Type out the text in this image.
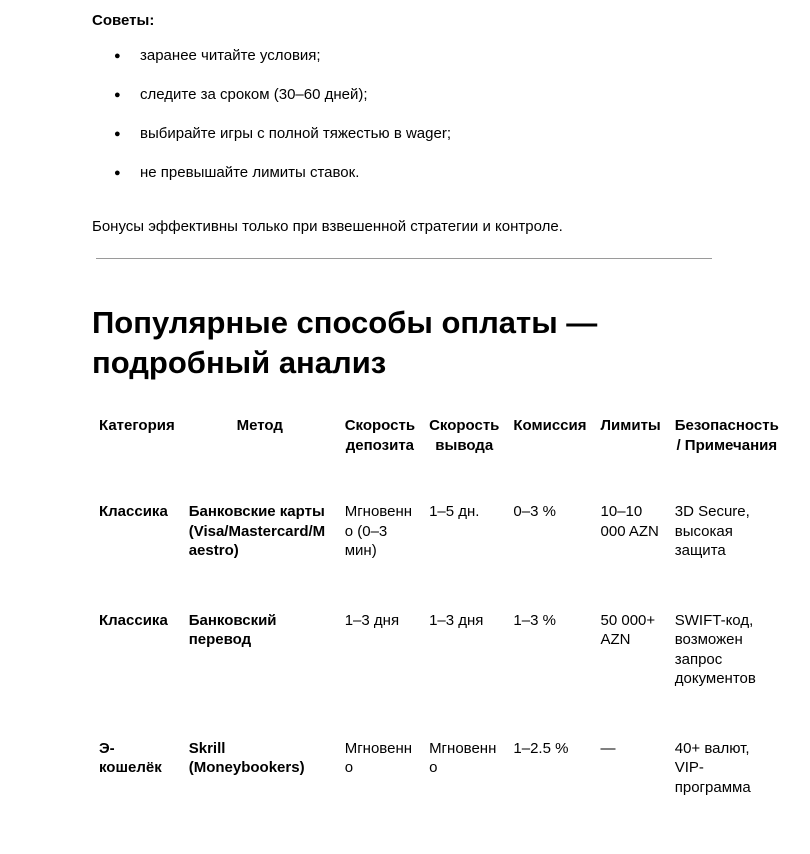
Советы:
● заранее читайте условия;
● следите за сроком (30–60 дней);
● выбирайте игры с полной тяжестью в wager;
● не превышайте лимиты ставок.

Бонусы эффективны только при взвешенной стратегии и контроле.

Популярные способы оплаты — подробный анализ
Категория	Метод	Скорость депозита	Скорость вывода	Комиссия	Лимиты	Безопасность / Примечания
Классика	Банковские карты (Visa/Mastercard/Maestro)	Мгновенно (0–3 мин)	1–5 дн.	0–3 %	10–10 000 AZN	3D Secure, высокая защита
Классика	Банковский перевод	1–3 дня	1–3 дня	1–3 %	50 000+ AZN	SWIFT-код, возможен запрос документов
Э-кошелёк	Skrill (Moneybookers)	Мгновенно	Мгновенно	1–2.5 %	—	40+ валют, VIP-программа
